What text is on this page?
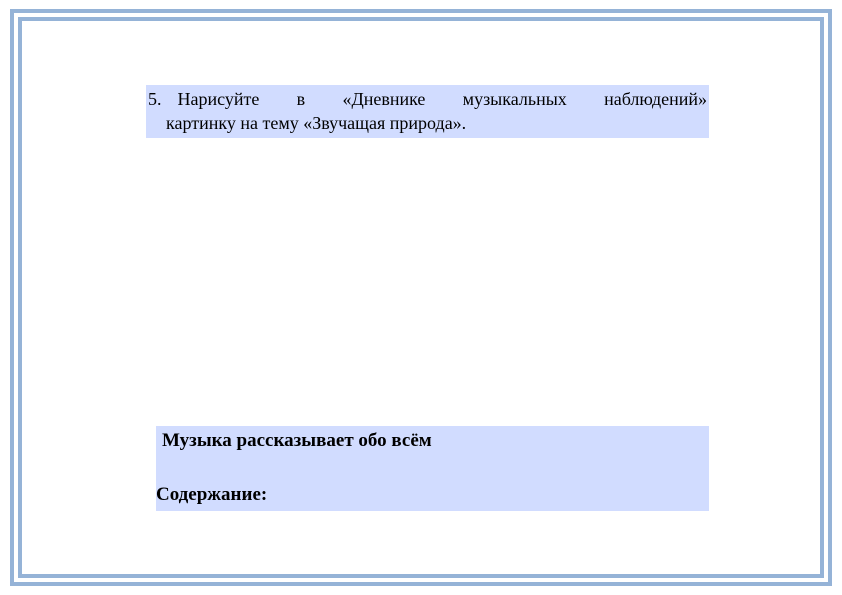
5. Нарисуйте в «Дневнике музыкальных наблюдений»
картинку на тему «Звучащая природа».
Музыка рассказывает обо всём
Содержание:
